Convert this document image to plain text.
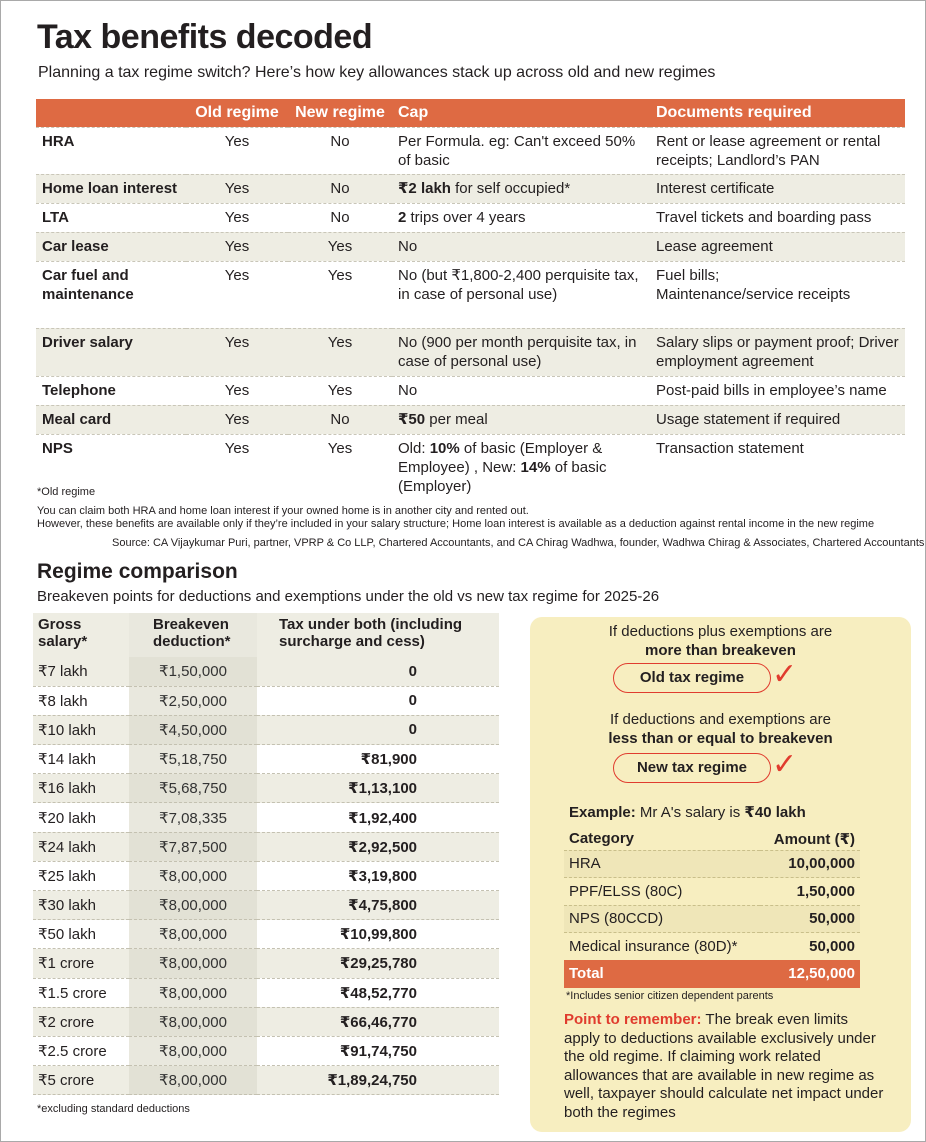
Tax benefits decoded
Planning a tax regime switch? Here’s how key allowances stack up across old and new regimes
	Old regime	New regime	Cap	Documents required
HRA	Yes	No	Per Formula. eg: Can't exceed 50% of basic	Rent or lease agreement or rental receipts; Landlord’s PAN
Home loan interest	Yes	No	₹2 lakh for self occupied*	Interest certificate
LTA	Yes	No	2 trips over 4 years	Travel tickets and boarding pass
Car lease	Yes	Yes	No	Lease agreement
Car fuel and maintenance	Yes	Yes	No (but ₹1,800-2,400 perquisite tax, in case of personal use)	Fuel bills;
Maintenance/service receipts

Driver salary	Yes	Yes	No (900 per month perquisite tax, in case of personal use)	Salary slips or payment proof; Driver employment agreement
Telephone	Yes	Yes	No	Post-paid bills in employee’s name
Meal card	Yes	No	₹50 per meal	Usage statement if required
NPS	Yes	Yes	Old: 10% of basic (Employer & Employee) , New: 14% of basic (Employer)	Transaction statement
*Old regime
You can claim both HRA and home loan interest if your owned home is in another city and rented out.
However, these benefits are available only if they’re included in your salary structure; Home loan interest is available as a deduction against rental income in the new regime
Source: CA Vijaykumar Puri, partner, VPRP & Co LLP, Chartered Accountants, and CA Chirag Wadhwa, founder, Wadhwa Chirag & Associates, Chartered Accountants
Regime comparison
Breakeven points for deductions and exemptions under the old vs new tax regime for 2025-26
Gross salary*	Breakeven deduction*	Tax under both (including surcharge and cess)
₹7 lakh	₹1,50,000	0
₹8 lakh	₹2,50,000	0
₹10 lakh	₹4,50,000	0
₹14 lakh	₹5,18,750	₹81,900
₹16 lakh	₹5,68,750	₹1,13,100
₹20 lakh	₹7,08,335	₹1,92,400
₹24 lakh	₹7,87,500	₹2,92,500
₹25 lakh	₹8,00,000	₹3,19,800
₹30 lakh	₹8,00,000	₹4,75,800
₹50 lakh	₹8,00,000	₹10,99,800
₹1 crore	₹8,00,000	₹29,25,780
₹1.5 crore	₹8,00,000	₹48,52,770
₹2 crore	₹8,00,000	₹66,46,770
₹2.5 crore	₹8,00,000	₹91,74,750
₹5 crore	₹8,00,000	₹1,89,24,750
*excluding standard deductions
If deductions plus exemptions are
more than breakeven
Old tax regime ✓
If deductions and exemptions are
less than or equal to breakeven
New tax regime ✓
Example: Mr A's salary is ₹40 lakh
Category	Amount (₹)
HRA	10,00,000
PPF/ELSS (80C)	1,50,000
NPS (80CCD)	50,000
Medical insurance (80D)*	50,000
Total	12,50,000
*Includes senior citizen dependent parents
Point to remember: The break even limits apply to deductions available exclusively under the old regime. If claiming work related allowances that are available in new regime as well, taxpayer should calculate net impact under both the regimes
